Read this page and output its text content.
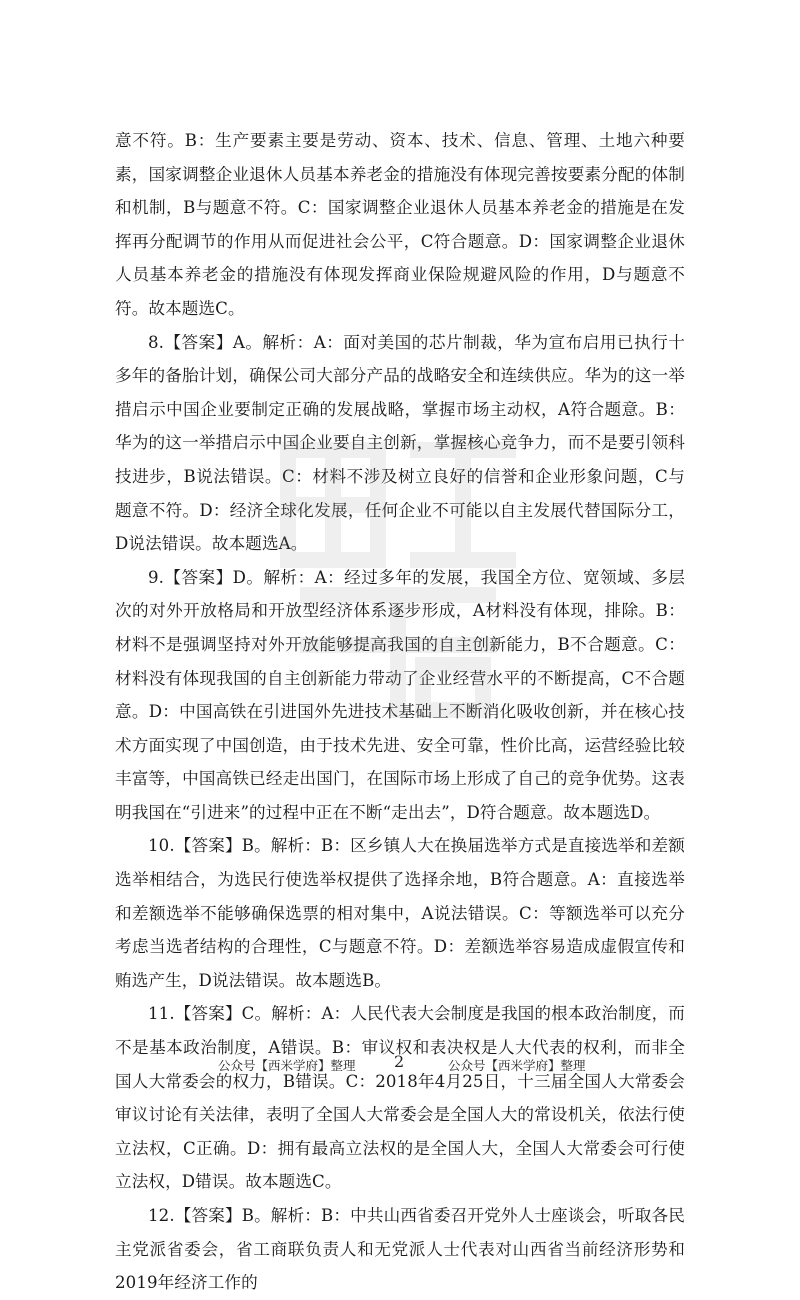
意不符。B：生产要素主要是劳动、资本、技术、信息、管理、土地六种要素，国家调整企业退休人员基本养老金的措施没有体现完善按要素分配的体制和机制，B与题意不符。C：国家调整企业退休人员基本养老金的措施是在发挥再分配调节的作用从而促进社会公平，C符合题意。D：国家调整企业退休人员基本养老金的措施没有体现发挥商业保险规避风险的作用，D与题意不符。故本题选C。

8.【答案】A。解析：A：面对美国的芯片制裁，华为宣布启用已执行十多年的备胎计划，确保公司大部分产品的战略安全和连续供应。华为的这一举措启示中国企业要制定正确的发展战略，掌握市场主动权，A符合题意。B：华为的这一举措启示中国企业要自主创新，掌握核心竞争力，而不是要引领科技进步，B说法错误。C：材料不涉及树立良好的信誉和企业形象问题，C与题意不符。D：经济全球化发展，任何企业不可能以自主发展代替国际分工，D说法错误。故本题选A。

9.【答案】D。解析：A：经过多年的发展，我国全方位、宽领域、多层次的对外开放格局和开放型经济体系逐步形成，A材料没有体现，排除。B：材料不是强调坚持对外开放能够提高我国的自主创新能力，B不合题意。C：材料没有体现我国的自主创新能力带动了企业经营水平的不断提高，C不合题意。D：中国高铁在引进国外先进技术基础上不断消化吸收创新，并在核心技术方面实现了中国创造，由于技术先进、安全可靠，性价比高，运营经验比较丰富等，中国高铁已经走出国门，在国际市场上形成了自己的竞争优势。这表明我国在“引进来”的过程中正在不断“走出去”，D符合题意。故本题选D。

10.【答案】B。解析：B：区乡镇人大在换届选举方式是直接选举和差额选举相结合，为选民行使选举权提供了选择余地，B符合题意。A：直接选举和差额选举不能够确保选票的相对集中，A说法错误。C：等额选举可以充分考虑当选者结构的合理性，C与题意不符。D：差额选举容易造成虚假宣传和贿选产生，D说法错误。故本题选B。

11.【答案】C。解析：A：人民代表大会制度是我国的根本政治制度，而不是基本政治制度，A错误。B：审议权和表决权是人大代表的权利，而非全国人大常委会的权力，B错误。C：2018年4月25日，十三届全国人大常委会审议讨论有关法律，表明了全国人大常委会是全国人大的常设机关，依法行使立法权，C正确。D：拥有最高立法权的是全国人大，全国人大常委会可行使立法权，D错误。故本题选C。

12.【答案】B。解析：B：中共山西省委召开党外人士座谈会，听取各民主党派省委会，省工商联负责人和无党派人士代表对山西省当前经济形势和2019年经济工作的

公众号【西米学府】整理 2	公众号【西米学府】整理
